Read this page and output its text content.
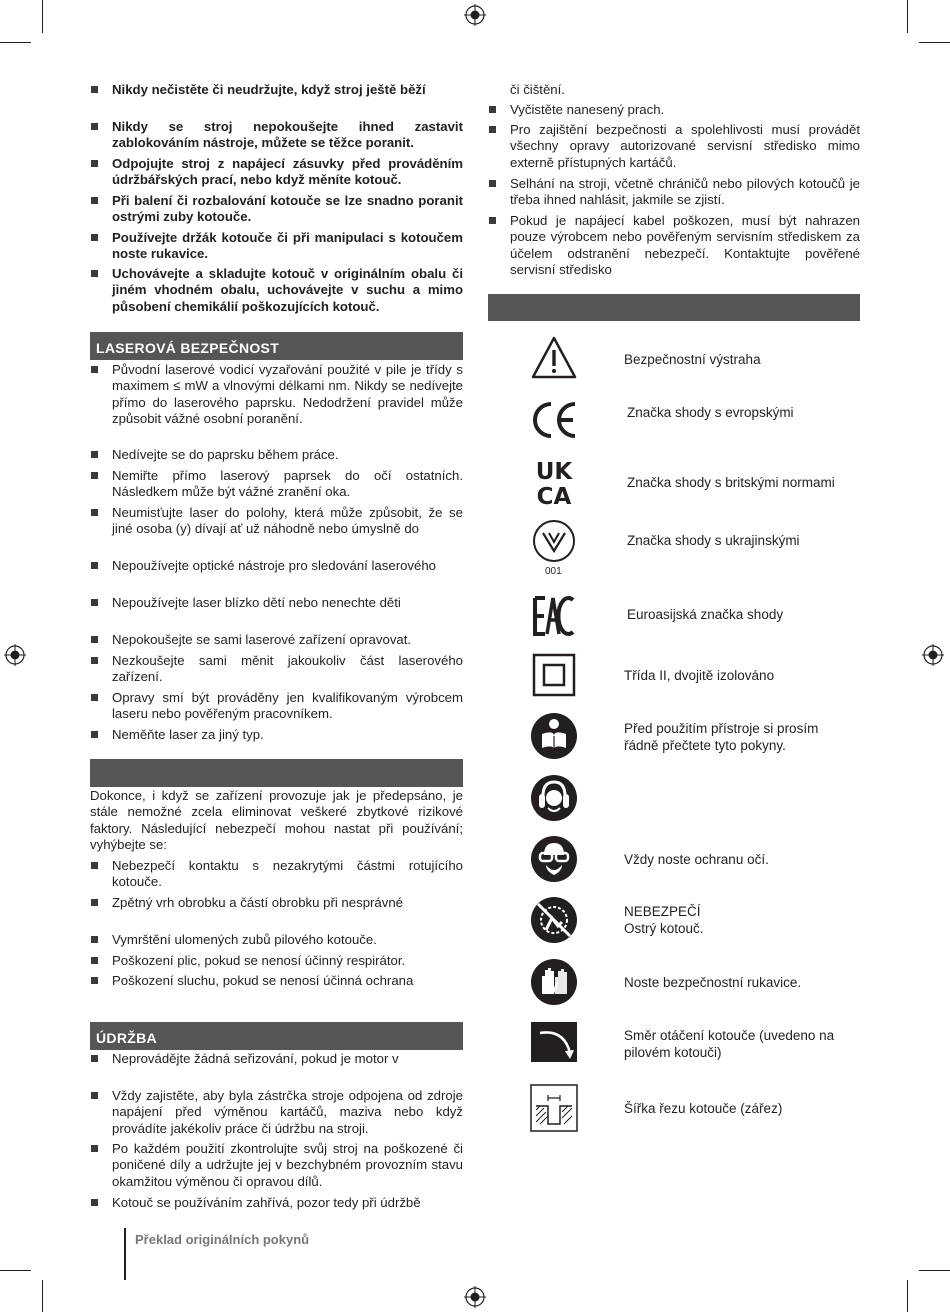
Nikdy nečistěte či neudržujte, když stroj ještě běží
Nikdy se stroj nepokoušejte ihned zastavit zablokováním nástroje, můžete se těžce poranit.
Odpojujte stroj z napájecí zásuvky před prováděním údržbářských prací, nebo když měníte kotouč.
Při balení či rozbalování kotouče se lze snadno poranit ostrými zuby kotouče.
Používejte držák kotouče či při manipulaci s kotoučem noste rukavice.
Uchovávejte a skladujte kotouč v originálním obalu či jiném vhodném obalu, uchovávejte v suchu a mimo působení chemikálií poškozujících kotouč.
LASEROVÁ BEZPEČNOST
Původní laserové vodicí vyzařování použité v pile je třídy s maximem ≤ mW a vlnovými délkami nm. Nikdy se nedívejte přímo do laserového paprsku. Nedodržení pravidel může způsobit vážné osobní poranění.
Nedívejte se do paprsku během práce.
Nemiřte přímo laserový paprsek do očí ostatních. Následkem může být vážné zranění oka.
Neumisťujte laser do polohy, která může způsobit, že se jiné osoba (y) dívají ať už náhodně nebo úmyslně do
Nepoužívejte optické nástroje pro sledování laserového
Nepoužívejte laser blízko dětí nebo nenechte děti
Nepokoušejte se sami laserové zařízení opravovat.
Nezkoušejte sami měnit jakoukoliv část laserového zařízení.
Opravy smí být prováděny jen kvalifikovaným výrobcem laseru nebo pověřeným pracovníkem.
Neměňte laser za jiný typ.
Dokonce, i když se zařízení provozuje jak je předepsáno, je stále nemožné zcela eliminovat veškeré zbytkové rizikové faktory. Následující nebezpečí mohou nastat při používání; vyhýbejte se:
Nebezpečí kontaktu s nezakrytými částmi rotujícího kotouče.
Zpětný vrh obrobku a částí obrobku při nesprávné
Vymrštění ulomených zubů pilového kotouče.
Poškození plic, pokud se nenosí účinný respirátor.
Poškození sluchu, pokud se nenosí účinná ochrana
ÚDRŽBA
Neprovádějte žádná seřizování, pokud je motor v
Vždy zajistěte, aby byla zástrčka stroje odpojena od zdroje napájení před výměnou kartáčů, maziva nebo když provádíte jakékoliv práce či údržbu na stroji.
Po každém použití zkontrolujte svůj stroj na poškozené či poničené díly a udržujte jej v bezchybném provozním stavu okamžitou výměnou či opravou dílů.
Kotouč se používáním zahřívá, pozor tedy při údržbě
či čištění.
Vyčistěte nanesený prach.
Pro zajištění bezpečnosti a spolehlivosti musí provádět všechny opravy autorizované servisní středisko mimo externě přístupných kartáčů.
Selhání na stroji, včetně chráničů nebo pilových kotoučů je třeba ihned nahlásit, jakmile se zjistí.
Pokud je napájecí kabel poškozen, musí být nahrazen pouze výrobcem nebo pověřeným servisním střediskem za účelem odstranění nebezpečí. Kontaktujte pověřené servisní středisko
Bezpečnostní výstraha
Značka shody s evropskými
UK
CA
Značka shody s britskými normami
001
Značka shody s ukrajinskými
Euroasijská značka shody
Třída II, dvojitě izolováno
Před použitím přístroje si prosím řádně přečtete tyto pokyny.
Vždy noste ochranu očí.
NEBEZPEČÍ
Ostrý kotouč.
Noste bezpečnostní rukavice.
Směr otáčení kotouče (uvedeno na pilovém kotouči)
Šířka řezu kotouče (zářez)
Překlad originálních pokynů
